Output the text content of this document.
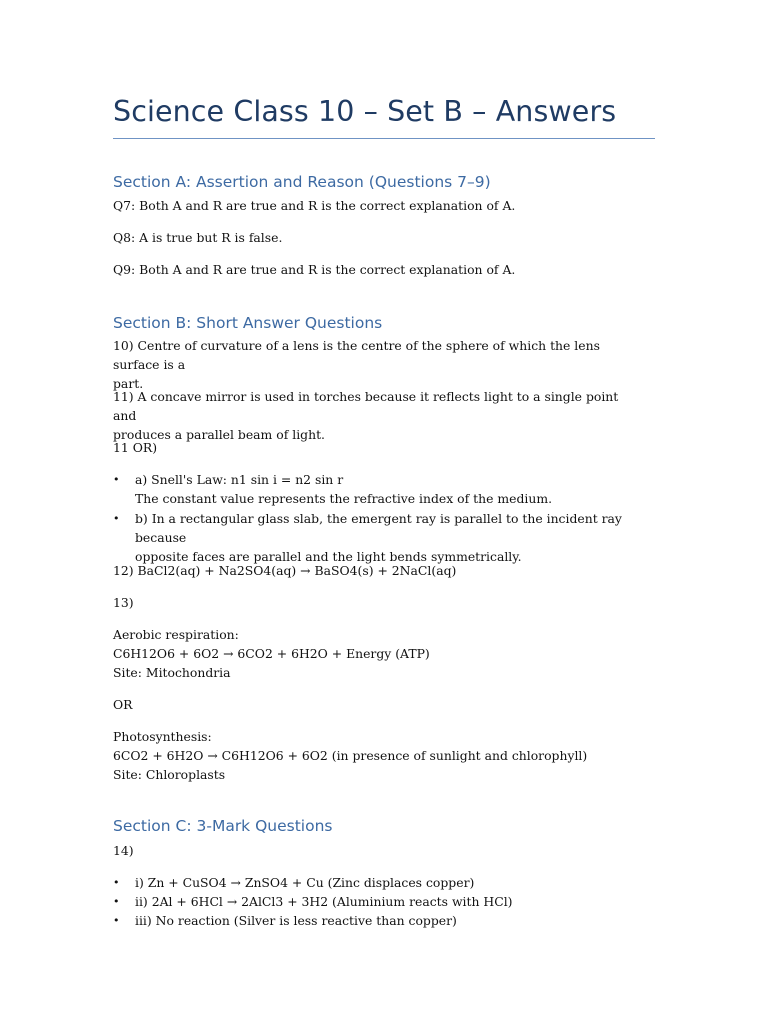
Science Class 10 – Set B – Answers
Section A: Assertion and Reason (Questions 7–9)
Q7: Both A and R are true and R is the correct explanation of A.
Q8: A is true but R is false.
Q9: Both A and R are true and R is the correct explanation of A.
Section B: Short Answer Questions
10) Centre of curvature of a lens is the centre of the sphere of which the lens surface is a
part.
11) A concave mirror is used in torches because it reflects light to a single point and
produces a parallel beam of light.
11 OR)
• a) Snell's Law: n1 sin i = n2 sin r
The constant value represents the refractive index of the medium.
• b) In a rectangular glass slab, the emergent ray is parallel to the incident ray because
opposite faces are parallel and the light bends symmetrically.
12) BaCl2(aq) + Na2SO4(aq) → BaSO4(s) + 2NaCl(aq)
13)
Aerobic respiration:
C6H12O6 + 6O2 → 6CO2 + 6H2O + Energy (ATP)
Site: Mitochondria
OR
Photosynthesis:
6CO2 + 6H2O → C6H12O6 + 6O2 (in presence of sunlight and chlorophyll)
Site: Chloroplasts
Section C: 3-Mark Questions
14)
• i) Zn + CuSO4 → ZnSO4 + Cu (Zinc displaces copper)
• ii) 2Al + 6HCl → 2AlCl3 + 3H2 (Aluminium reacts with HCl)
• iii) No reaction (Silver is less reactive than copper)
